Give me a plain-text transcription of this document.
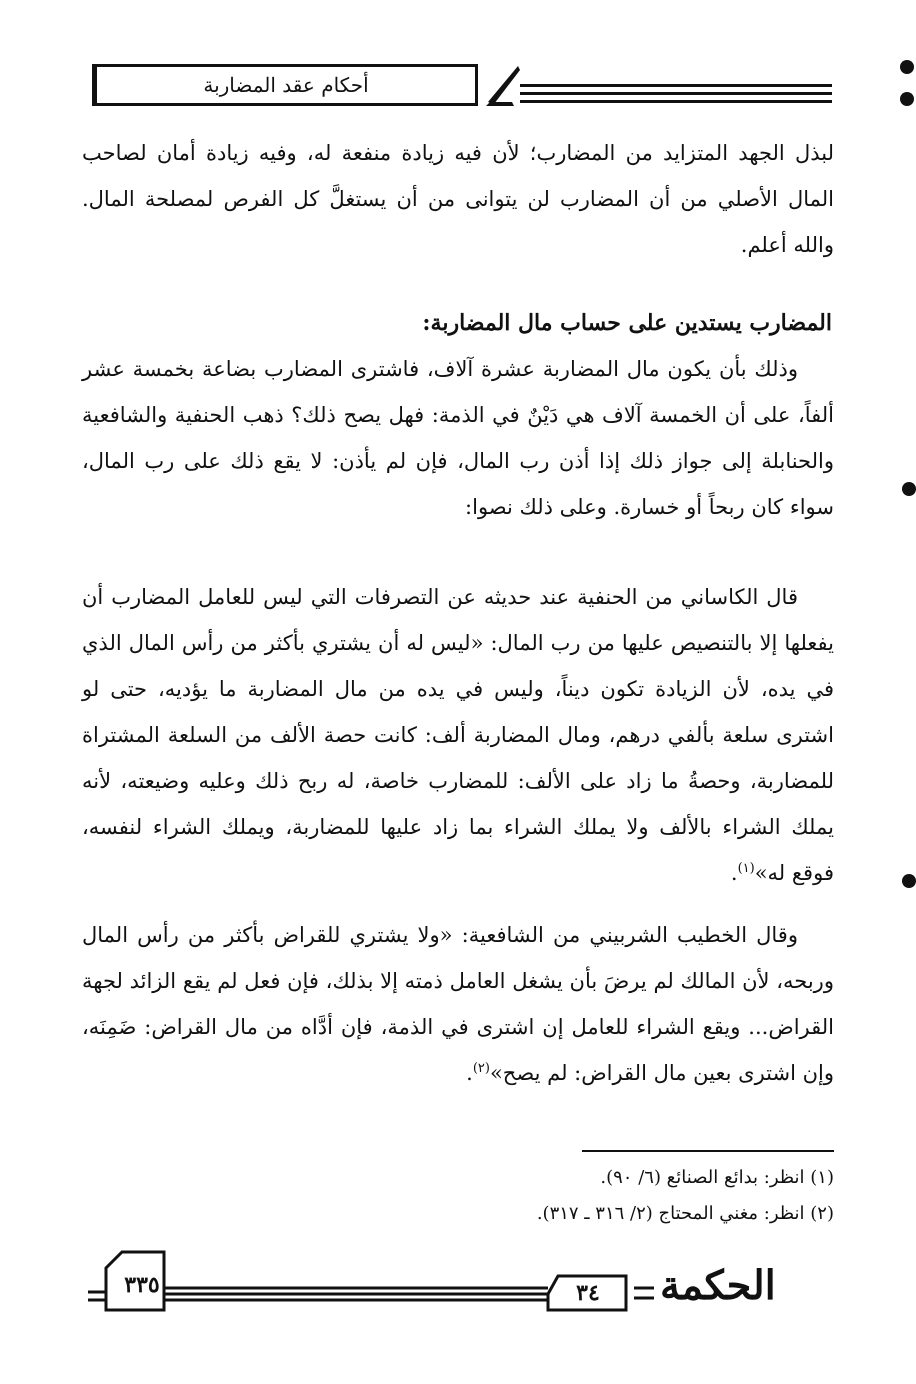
أحكام عقد المضاربة

لبذل الجهد المتزايد من المضارب؛ لأن فيه زيادة منفعة له، وفيه زيادة أمان لصاحب المال الأصلي من أن المضارب لن يتوانى من أن يستغلَّ كل الفرص لمصلحة المال. والله أعلم.

المضارب يستدين على حساب مال المضاربة:

وذلك بأن يكون مال المضاربة عشرة آلاف، فاشترى المضارب بضاعة بخمسة عشر ألفاً، على أن الخمسة آلاف هي دَيْنٌ في الذمة: فهل يصح ذلك؟ ذهب الحنفية والشافعية والحنابلة إلى جواز ذلك إذا أذن رب المال، فإن لم يأذن: لا يقع ذلك على رب المال، سواء كان ربحاً أو خسارة. وعلى ذلك نصوا:

قال الكاساني من الحنفية عند حديثه عن التصرفات التي ليس للعامل المضارب أن يفعلها إلا بالتنصيص عليها من رب المال: «ليس له أن يشتري بأكثر من رأس المال الذي في يده، لأن الزيادة تكون ديناً، وليس في يده من مال المضاربة ما يؤديه، حتى لو اشترى سلعة بألفي درهم، ومال المضاربة ألف: كانت حصة الألف من السلعة المشتراة للمضاربة، وحصةُ ما زاد على الألف: للمضارب خاصة، له ربح ذلك وعليه وضيعته، لأنه يملك الشراء بالألف ولا يملك الشراء بما زاد عليها للمضاربة، ويملك الشراء لنفسه، فوقع له»$^{(١)}$.

وقال الخطيب الشربيني من الشافعية: «ولا يشتري للقراض بأكثر من رأس المال وربحه، لأن المالك لم يرضَ بأن يشغل العامل ذمته إلا بذلك، فإن فعل لم يقع الزائد لجهة القراض... ويقع الشراء للعامل إن اشترى في الذمة، فإن أدَّاه من مال القراض: ضَمِنَه، وإن اشترى بعين مال القراض: لم يصح»$^{(٢)}$.

(١) انظر: بدائع الصنائع (٦/ ٩٠).
(٢) انظر: مغني المحتاج (٢/ ٣١٦ ـ ٣١٧).
٣٣٥	٣٤	الحكمة
